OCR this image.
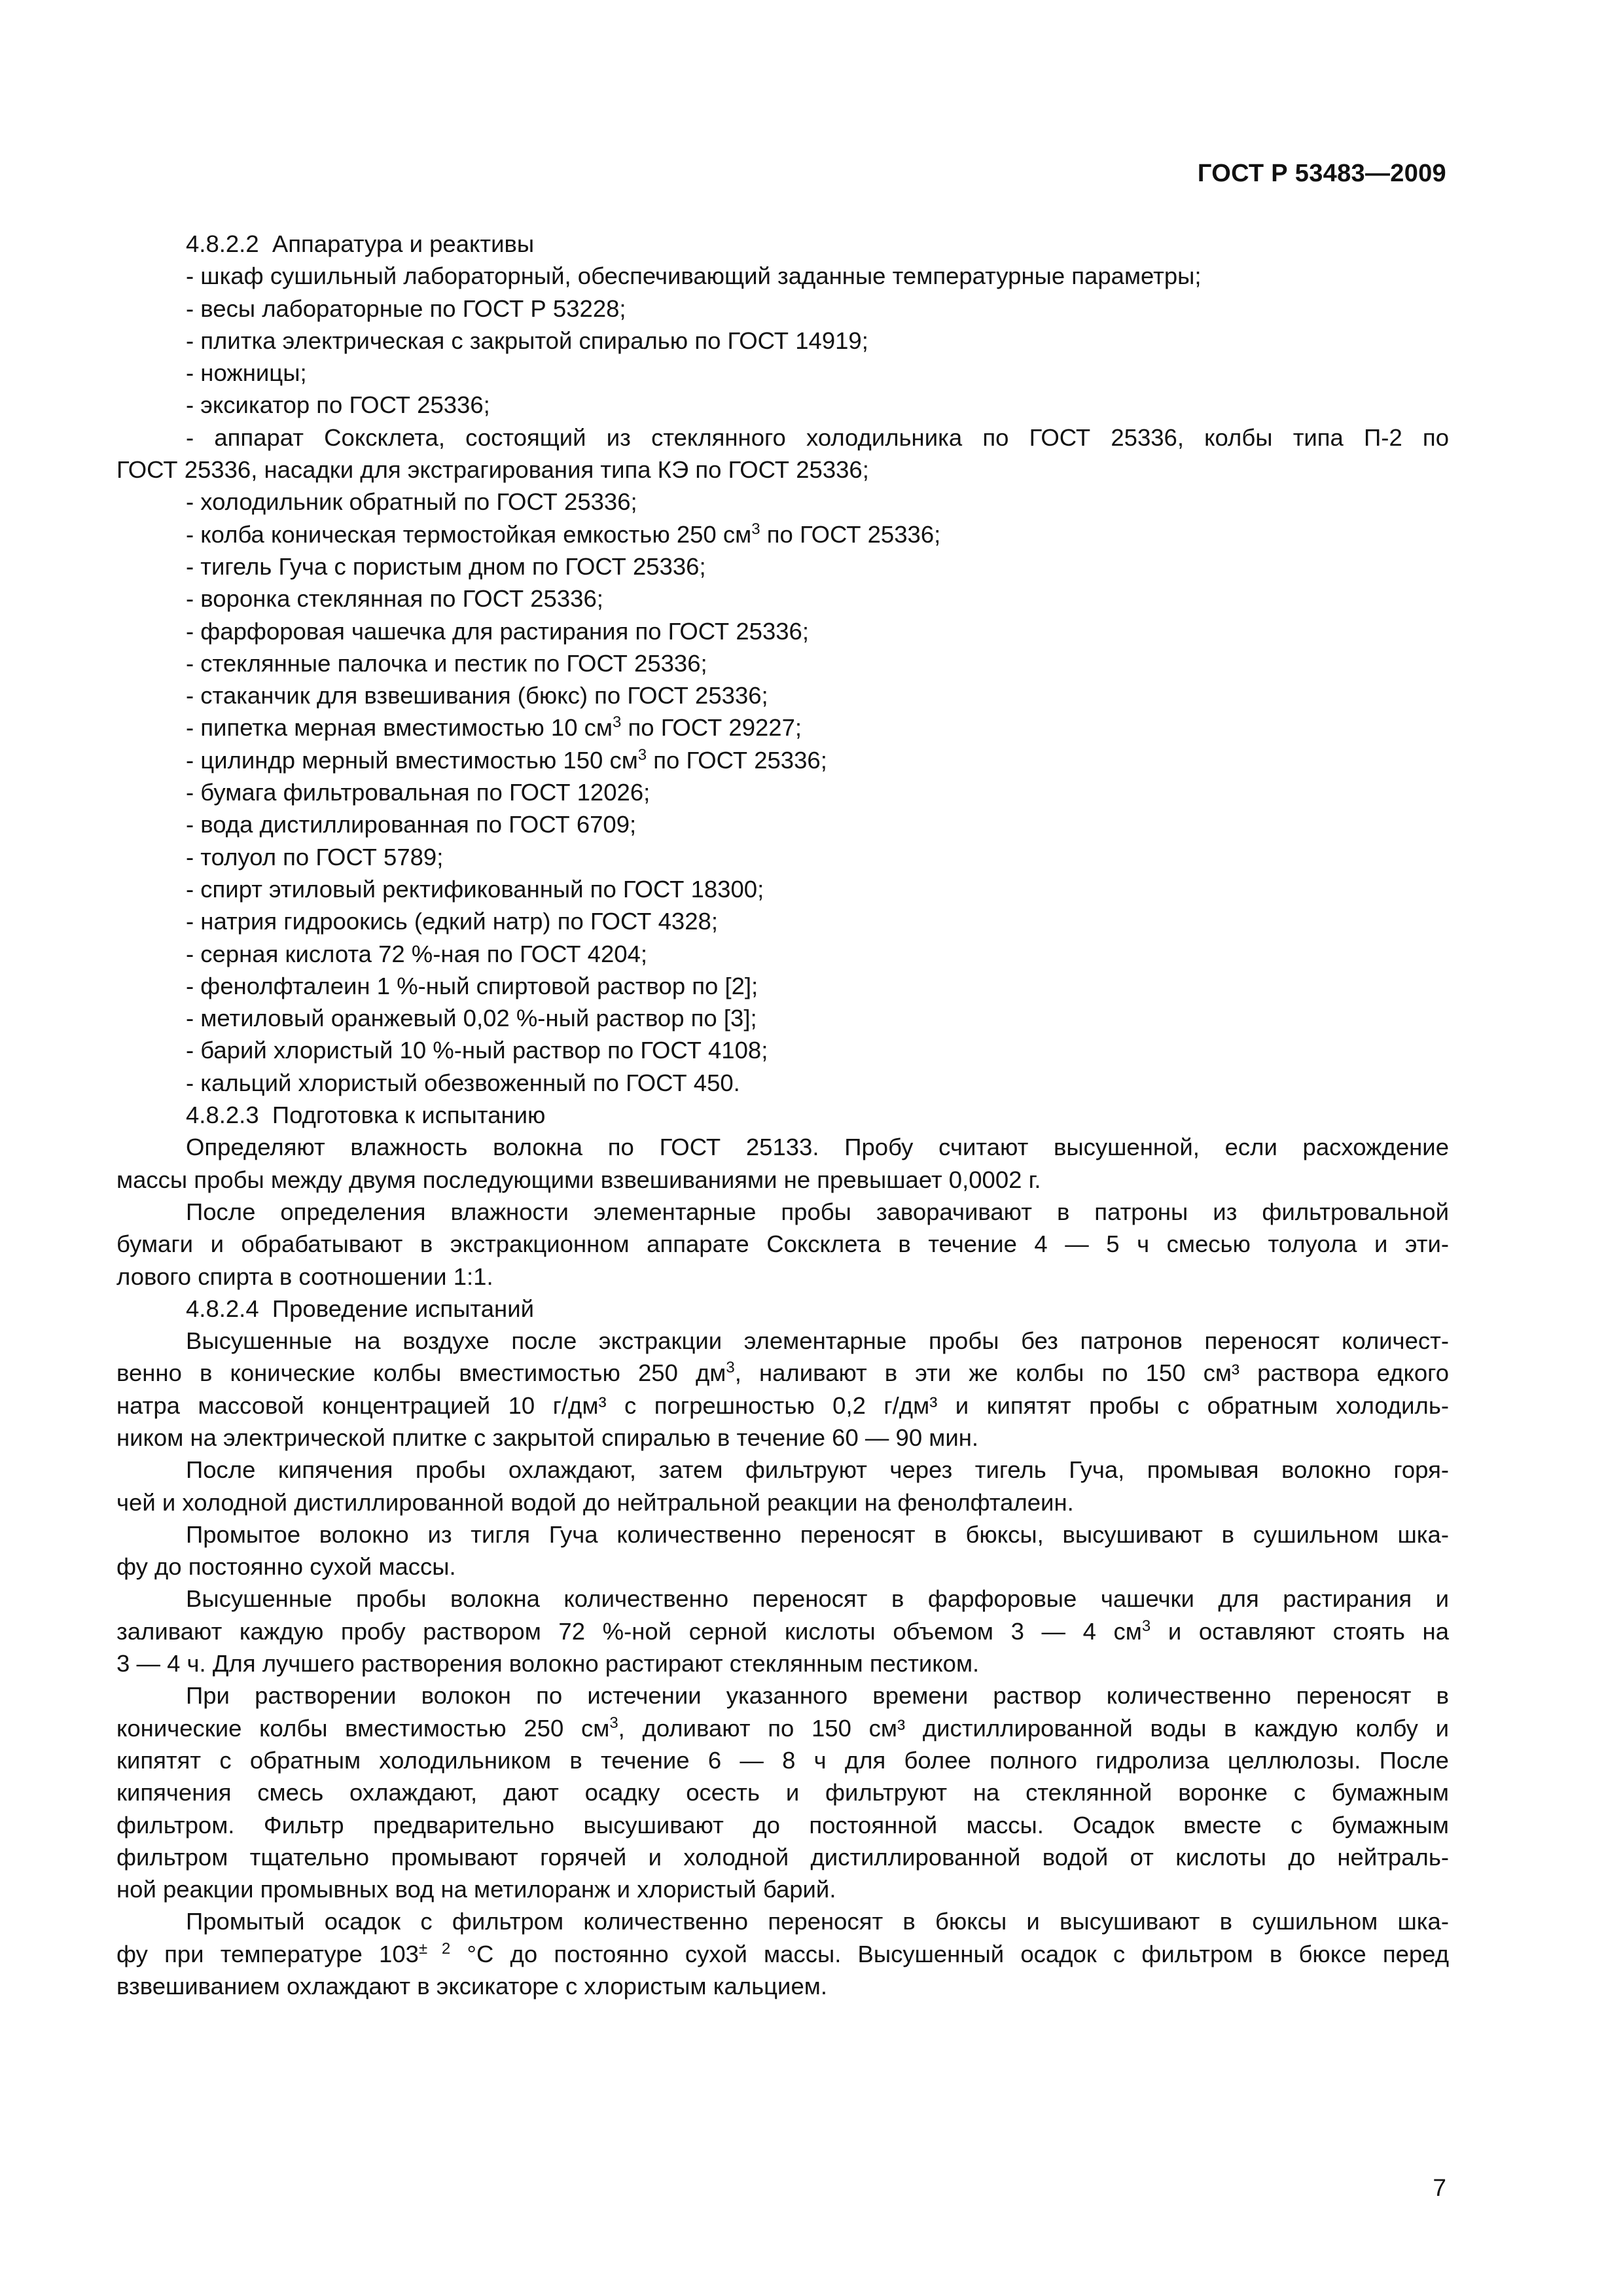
ГОСТ Р 53483—2009
4.8.2.2  Аппаратура и реактивы
- шкаф сушильный лабораторный, обеспечивающий заданные температурные параметры;
- весы лабораторные по ГОСТ Р 53228;
- плитка электрическая с закрытой спиралью по ГОСТ 14919;
- ножницы;
- эксикатор по ГОСТ 25336;
- аппарат Соксклета, состоящий из стеклянного холодильника по ГОСТ 25336, колбы типа П-2 по
ГОСТ 25336, насадки для экстрагирования типа КЭ по ГОСТ 25336;
- холодильник обратный по ГОСТ 25336;
- колба коническая термостойкая емкостью 250 $см^3$ по ГОСТ 25336;
- тигель Гуча с пористым дном по ГОСТ 25336;
- воронка стеклянная по ГОСТ 25336;
- фарфоровая чашечка для растирания по ГОСТ 25336;
- стеклянные палочка и пестик по ГОСТ 25336;
- стаканчик для взвешивания (бюкс) по ГОСТ 25336;
- пипетка мерная вместимостью 10 $см^3$ по ГОСТ 29227;
- цилиндр мерный вместимостью 150 $см^3$ по ГОСТ 25336;
- бумага фильтровальная по ГОСТ 12026;
- вода дистиллированная по ГОСТ 6709;
- толуол по ГОСТ 5789;
- спирт этиловый ректификованный по ГОСТ 18300;
- натрия гидроокись (едкий натр) по ГОСТ 4328;
- серная кислота 72 %-ная по ГОСТ 4204;
- фенолфталеин 1 %-ный спиртовой раствор по [2];
- метиловый оранжевый 0,02 %-ный раствор по [3];
- барий хлористый 10 %-ный раствор по ГОСТ 4108;
- кальций хлористый обезвоженный по ГОСТ 450.
4.8.2.3  Подготовка к испытанию
Определяют влажность волокна по ГОСТ 25133. Пробу считают высушенной, если расхождение
массы пробы между двумя последующими взвешиваниями не превышает 0,0002 г.
После определения влажности элементарные пробы заворачивают в патроны из фильтровальной
бумаги и обрабатывают в экстракционном аппарате Соксклета в течение 4 — 5 ч смесью толуола и эти-
лового спирта в соотношении 1:1.
4.8.2.4  Проведение испытаний
Высушенные на воздухе после экстракции элементарные пробы без патронов переносят количест-
венно в конические колбы вместимостью 250 $дм^3$, наливают в эти же колбы по 150 см³ раствора едкого
натра массовой концентрацией 10 г/дм³ с погрешностью 0,2 г/дм³ и кипятят пробы с обратным холодиль-
ником на электрической плитке с закрытой спиралью в течение 60 — 90 мин.
После кипячения пробы охлаждают, затем фильтруют через тигель Гуча, промывая волокно горя-
чей и холодной дистиллированной водой до нейтральной реакции на фенолфталеин.
Промытое волокно из тигля Гуча количественно переносят в бюксы, высушивают в сушильном шка-
фу до постоянно сухой массы.
Высушенные пробы волокна количественно переносят в фарфоровые чашечки для растирания и
заливают каждую пробу раствором 72 %-ной серной кислоты объемом 3 — 4 $см^3$ и оставляют стоять на
3 — 4 ч. Для лучшего растворения волокно растирают стеклянным пестиком.
При растворении волокон по истечении указанного времени раствор количественно переносят в
конические колбы вместимостью 250 $см^3$, доливают по 150 см³ дистиллированной воды в каждую колбу и
кипятят с обратным холодильником в течение 6 — 8 ч для более полного гидролиза целлюлозы. После
кипячения смесь охлаждают, дают осадку осесть и фильтруют на стеклянной воронке с бумажным
фильтром. Фильтр предварительно высушивают до постоянной массы. Осадок вместе с бумажным
фильтром тщательно промывают горячей и холодной дистиллированной водой от кислоты до нейтраль-
ной реакции промывных вод на метилоранж и хлористый барий.
Промытый осадок с фильтром количественно переносят в бюксы и высушивают в сушильном шка-
фу при температуре $103^{\pm 2}$ °С до постоянно сухой массы. Высушенный осадок с фильтром в бюксе перед
взвешиванием охлаждают в эксикаторе с хлористым кальцием.
7
